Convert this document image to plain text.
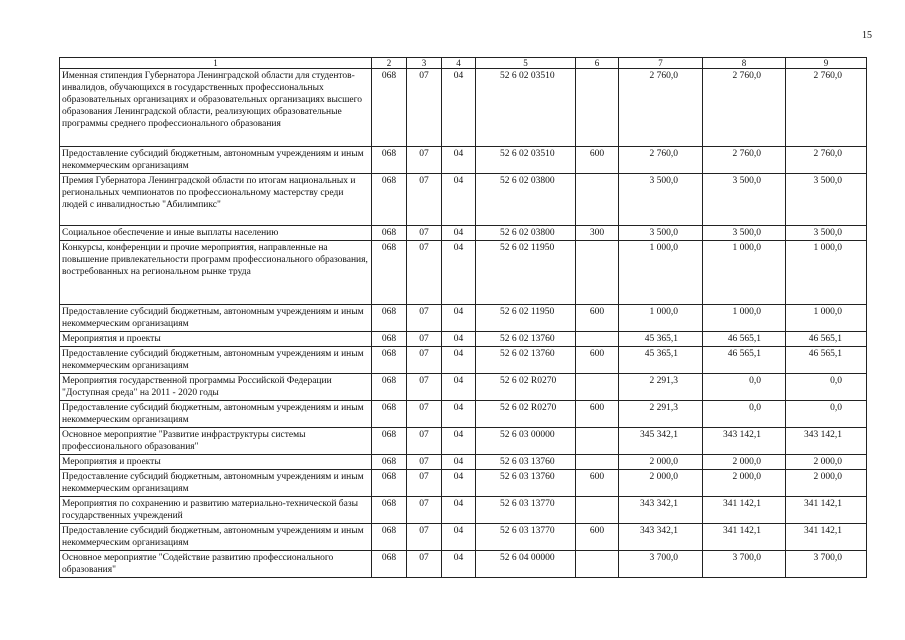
15
1	2	3	4	5	6	7	8	9
Именная стипендия Губернатора Ленинградской области для студентов-инвалидов, обучающихся в государственных профессиональных образовательных организациях и образовательных организациях высшего образования Ленинградской области, реализующих образовательные программы среднего профессионального образования	068	07	04	52 6 02 03510		2 760,0	2 760,0	2 760,0
Предоставление субсидий бюджетным, автономным учреждениям и иным некоммерческим организациям	068	07	04	52 6 02 03510	600	2 760,0	2 760,0	2 760,0
Премия Губернатора Ленинградской области по итогам национальных и региональных чемпионатов по профессиональному мастерству среди людей с инвалидностью "Абилимпикс"	068	07	04	52 6 02 03800		3 500,0	3 500,0	3 500,0
Социальное обеспечение и иные выплаты населению	068	07	04	52 6 02 03800	300	3 500,0	3 500,0	3 500,0
Конкурсы, конференции и прочие мероприятия, направленные на повышение привлекательности программ профессионального образования, востребованных на региональном рынке труда	068	07	04	52 6 02 11950		1 000,0	1 000,0	1 000,0
Предоставление субсидий бюджетным, автономным учреждениям и иным некоммерческим организациям	068	07	04	52 6 02 11950	600	1 000,0	1 000,0	1 000,0
Мероприятия и проекты	068	07	04	52 6 02 13760		45 365,1	46 565,1	46 565,1
Предоставление субсидий бюджетным, автономным учреждениям и иным некоммерческим организациям	068	07	04	52 6 02 13760	600	45 365,1	46 565,1	46 565,1
Мероприятия государственной программы Российской Федерации "Доступная среда" на 2011 - 2020 годы	068	07	04	52 6 02 R0270		2 291,3	0,0	0,0
Предоставление субсидий бюджетным, автономным учреждениям и иным некоммерческим организациям	068	07	04	52 6 02 R0270	600	2 291,3	0,0	0,0
Основное мероприятие "Развитие инфраструктуры системы профессионального образования"	068	07	04	52 6 03 00000		345 342,1	343 142,1	343 142,1
Мероприятия и проекты	068	07	04	52 6 03 13760		2 000,0	2 000,0	2 000,0
Предоставление субсидий бюджетным, автономным учреждениям и иным некоммерческим организациям	068	07	04	52 6 03 13760	600	2 000,0	2 000,0	2 000,0
Мероприятия по сохранению и развитию материально-технической базы государственных учреждений	068	07	04	52 6 03 13770		343 342,1	341 142,1	341 142,1
Предоставление субсидий бюджетным, автономным учреждениям и иным некоммерческим организациям	068	07	04	52 6 03 13770	600	343 342,1	341 142,1	341 142,1
Основное мероприятие "Содействие развитию профессионального образования"	068	07	04	52 6 04 00000		3 700,0	3 700,0	3 700,0
